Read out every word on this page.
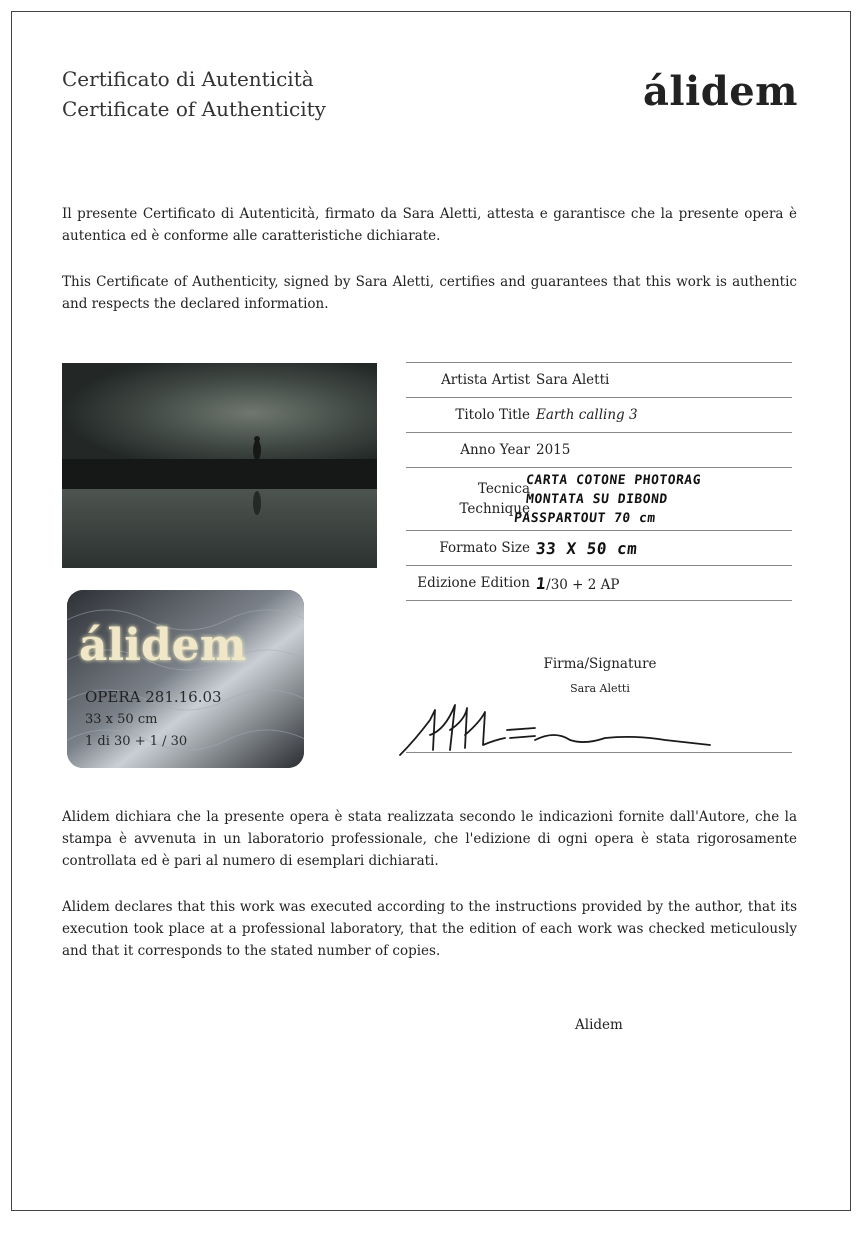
Certificato di Autenticità
Certificate of Authenticity	álidem
Il presente Certificato di Autenticità, firmato da Sara Aletti, attesta e garantisce che la presente opera è autentica ed è conforme alle caratteristiche dichiarate.
This Certificate of Authenticity, signed by Sara Aletti, certifies and guarantees that this work is authentic and respects the declared information.
álidem
OPERA 281.16.03
33 x 50 cm
1 di 30 + 1 / 30
Artista Artist Sara Aletti
Titolo Title Earth calling 3
Anno Year 2015
Tecnica
Technique
CARTA COTONE PHOTORAG
MONTATA SU DIBOND
PASSPARTOUT 70 cm
Formato Size 33 X 50 cm
Edizione Edition 1/30 + 2 AP
Firma/Signature
Sara Aletti
Alidem dichiara che la presente opera è stata realizzata secondo le indicazioni fornite dall'Autore, che la stampa è avvenuta in un laboratorio professionale, che l'edizione di ogni opera è stata rigorosamente controllata ed è pari al numero di esemplari dichiarati.
Alidem declares that this work was executed according to the instructions provided by the author, that its execution took place at a professional laboratory, that the edition of each work was checked meticulously and that it corresponds to the stated number of copies.
Alidem
